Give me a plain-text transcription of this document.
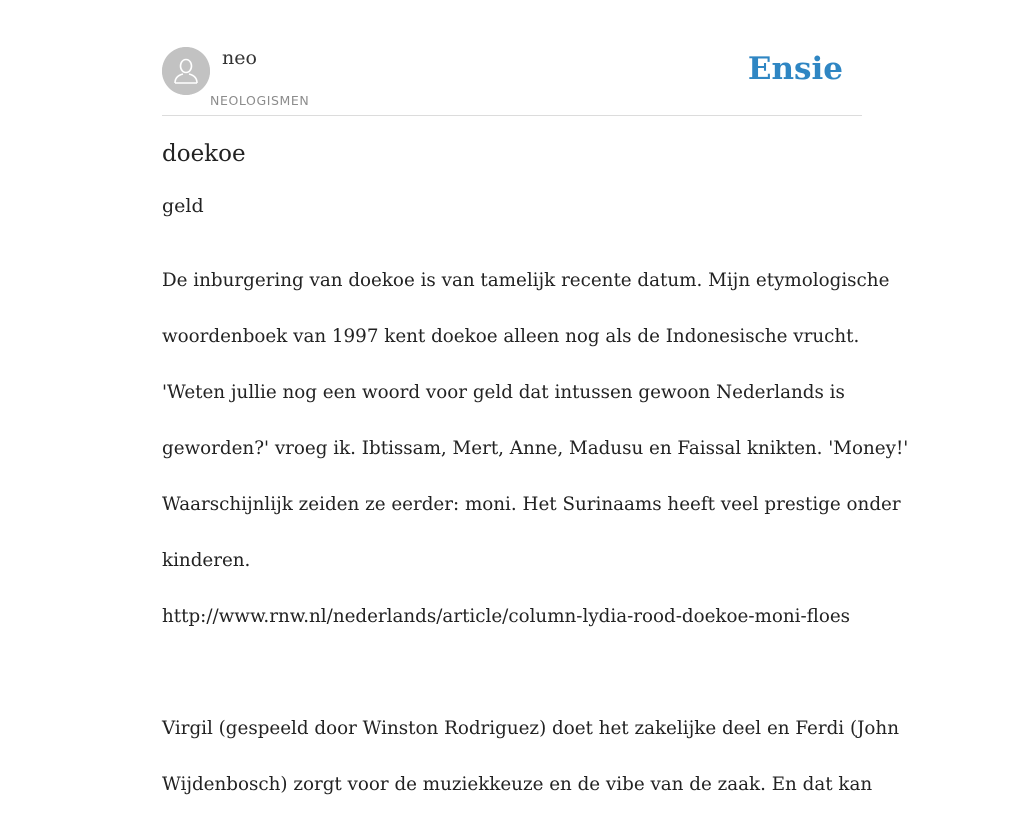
neo
NEOLOGISMEN
Ensie
doekoe
geld

De inburgering van doekoe is van tamelijk recente datum. Mijn etymologische

woordenboek van 1997 kent doekoe alleen nog als de Indonesische vrucht.

'Weten jullie nog een woord voor geld dat intussen gewoon Nederlands is

geworden?' vroeg ik. Ibtissam, Mert, Anne, Madusu en Faissal knikten. 'Money!'

Waarschijnlijk zeiden ze eerder: moni. Het Surinaams heeft veel prestige onder

kinderen.

http://www.rnw.nl/nederlands/article/column-lydia-rood-doekoe-moni-floes

Virgil (gespeeld door Winston Rodriguez) doet het zakelijke deel en Ferdi (John

Wijdenbosch) zorgt voor de muziekkeuze en de vibe van de zaak. En dat kan
